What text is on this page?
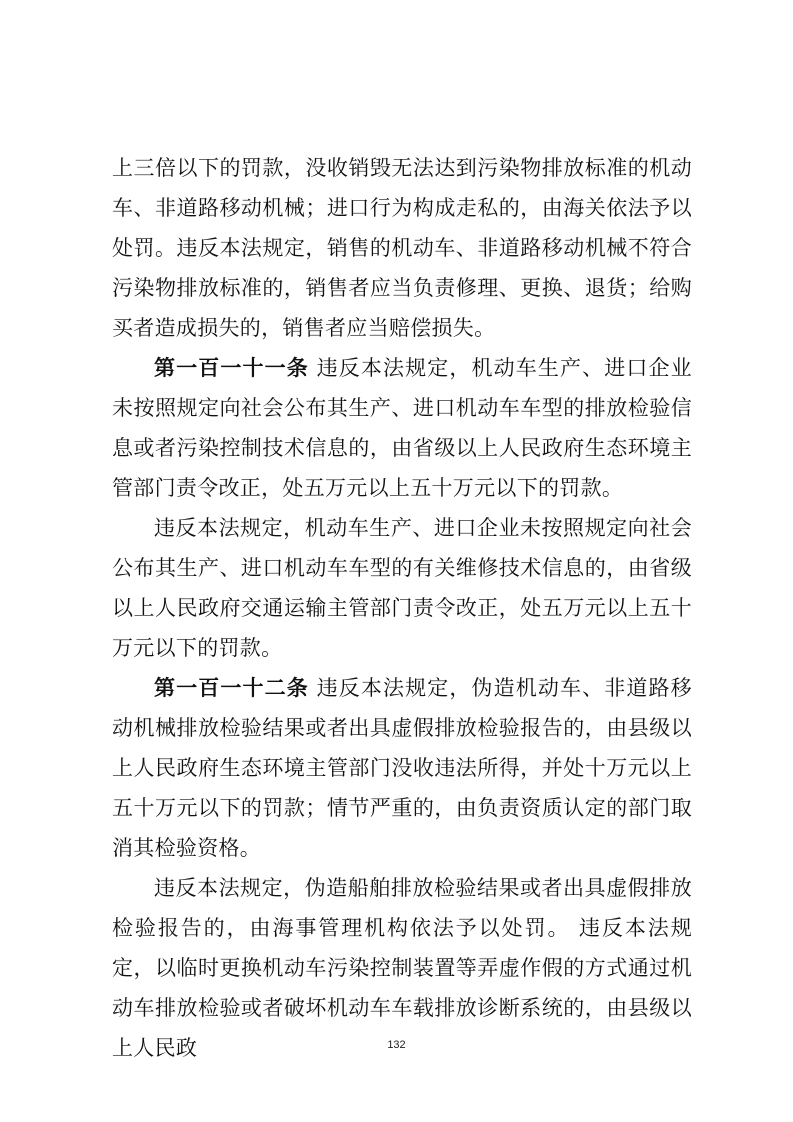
上三倍以下的罚款，没收销毁无法达到污染物排放标准的机动车、非道路移动机械；进口行为构成走私的，由海关依法予以处罚。违反本法规定，销售的机动车、非道路移动机械不符合污染物排放标准的，销售者应当负责修理、更换、退货；给购买者造成损失的，销售者应当赔偿损失。

第一百一十一条 违反本法规定，机动车生产、进口企业未按照规定向社会公布其生产、进口机动车车型的排放检验信息或者污染控制技术信息的，由省级以上人民政府生态环境主管部门责令改正，处五万元以上五十万元以下的罚款。

违反本法规定，机动车生产、进口企业未按照规定向社会公布其生产、进口机动车车型的有关维修技术信息的，由省级以上人民政府交通运输主管部门责令改正，处五万元以上五十万元以下的罚款。

第一百一十二条 违反本法规定，伪造机动车、非道路移动机械排放检验结果或者出具虚假排放检验报告的，由县级以上人民政府生态环境主管部门没收违法所得，并处十万元以上五十万元以下的罚款；情节严重的，由负责资质认定的部门取消其检验资格。

违反本法规定，伪造船舶排放检验结果或者出具虚假排放检验报告的，由海事管理机构依法予以处罚。 违反本法规定，以临时更换机动车污染控制装置等弄虚作假的方式通过机动车排放检验或者破坏机动车车载排放诊断系统的，由县级以上人民政	132
